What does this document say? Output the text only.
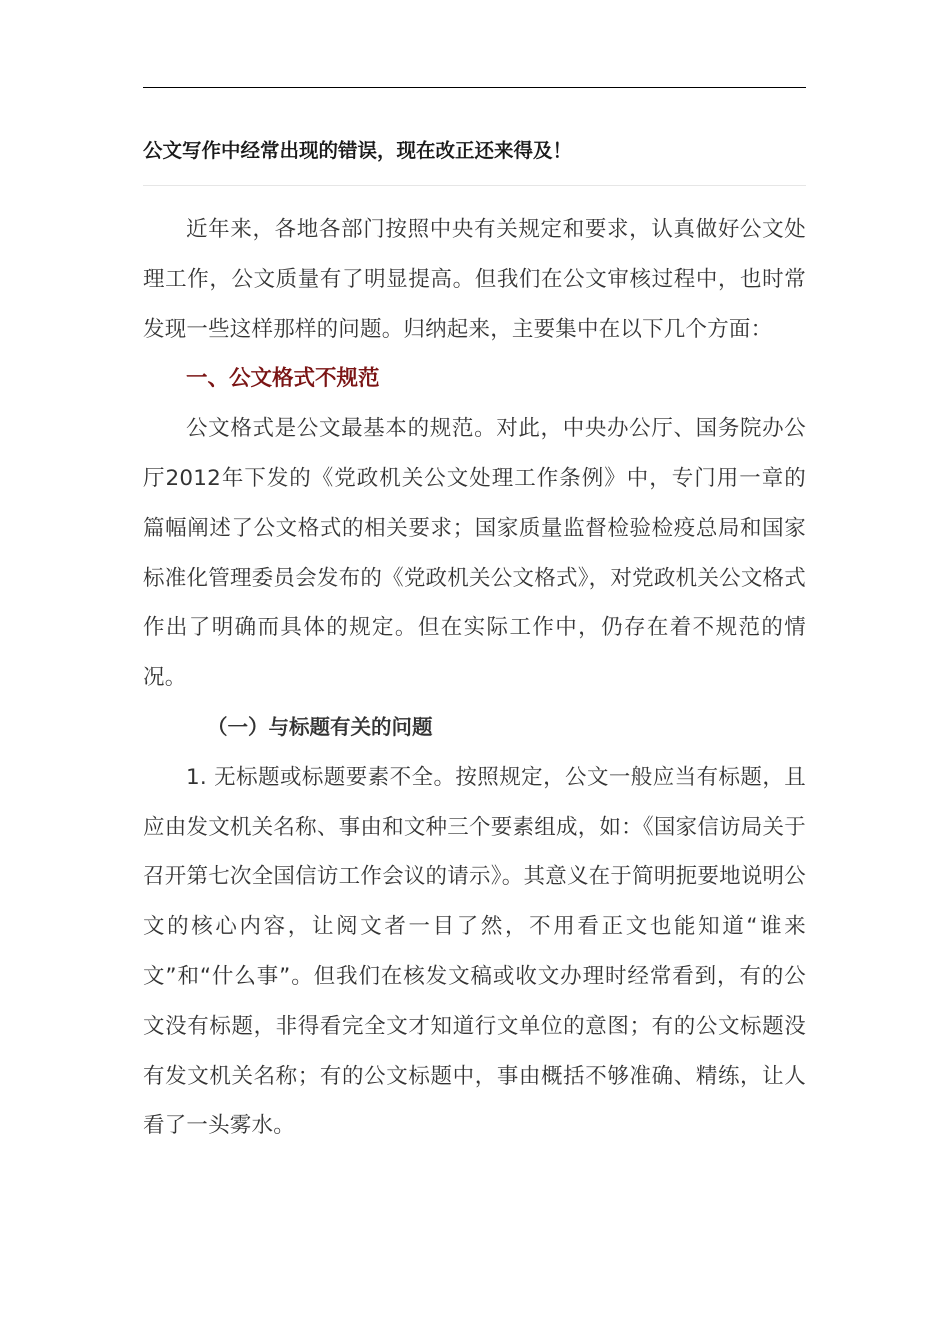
公文写作中经常出现的错误，现在改正还来得及！

近年来，各地各部门按照中央有关规定和要求，认真做好公文处理工作，公文质量有了明显提高。但我们在公文审核过程中，也时常发现一些这样那样的问题。归纳起来，主要集中在以下几个方面：

一、公文格式不规范

公文格式是公文最基本的规范。对此，中央办公厅、国务院办公厅2012年下发的《党政机关公文处理工作条例》中，专门用一章的篇幅阐述了公文格式的相关要求；国家质量监督检验检疫总局和国家标准化管理委员会发布的《党政机关公文格式》，对党政机关公文格式作出了明确而具体的规定。但在实际工作中，仍存在着不规范的情况。

（一）与标题有关的问题

1. 无标题或标题要素不全。按照规定，公文一般应当有标题，且应由发文机关名称、事由和文种三个要素组成，如：《国家信访局关于召开第七次全国信访工作会议的请示》。其意义在于简明扼要地说明公文的核心内容，让阅文者一目了然，不用看正文也能知道“谁来文”和“什么事”。但我们在核发文稿或收文办理时经常看到，有的公文没有标题，非得看完全文才知道行文单位的意图；有的公文标题没有发文机关名称；有的公文标题中，事由概括不够准确、精练，让人看了一头雾水。
